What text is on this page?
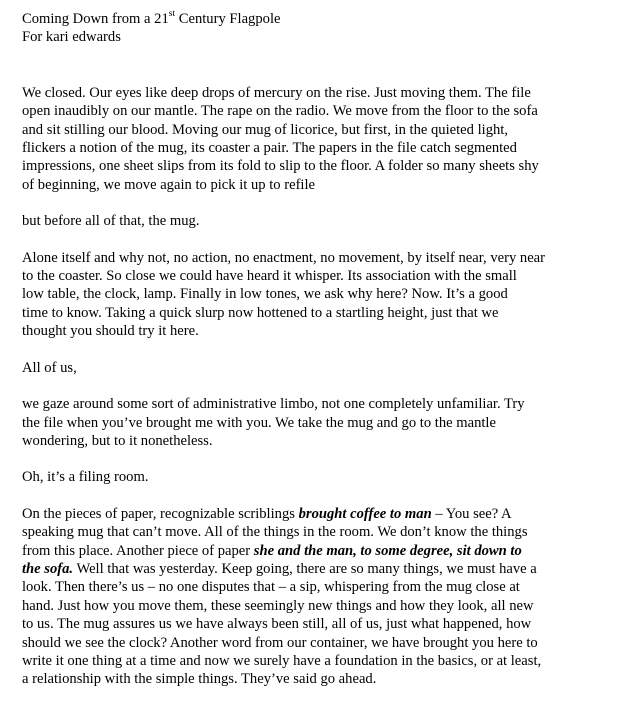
Coming Down from a 21st Century Flagpole

For kari edwards

We closed. Our eyes like deep drops of mercury on the rise. Just moving them. The file
open inaudibly on our mantle. The rape on the radio. We move from the floor to the sofa
and sit stilling our blood. Moving our mug of licorice, but first, in the quieted light,
flickers a notion of the mug, its coaster a pair. The papers in the file catch segmented
impressions, one sheet slips from its fold to slip to the floor. A folder so many sheets shy
of beginning, we move again to pick it up to refile

but before all of that, the mug.

Alone itself and why not, no action, no enactment, no movement, by itself near, very near
to the coaster. So close we could have heard it whisper. Its association with the small
low table, the clock, lamp. Finally in low tones, we ask why here? Now. It’s a good
time to know. Taking a quick slurp now hottened to a startling height, just that we
thought you should try it here.

All of us,

we gaze around some sort of administrative limbo, not one completely unfamiliar. Try
the file when you’ve brought me with you. We take the mug and go to the mantle
wondering, but to it nonetheless.

Oh, it’s a filing room.

On the pieces of paper, recognizable scriblings brought coffee to man – You see? A
speaking mug that can’t move. All of the things in the room. We don’t know the things
from this place. Another piece of paper she and the man, to some degree, sit down to
the sofa. Well that was yesterday. Keep going, there are so many things, we must have a
look. Then there’s us – no one disputes that – a sip, whispering from the mug close at
hand. Just how you move them, these seemingly new things and how they look, all new
to us. The mug assures us we have always been still, all of us, just what happened, how
should we see the clock? Another word from our container, we have brought you here to
write it one thing at a time and now we surely have a foundation in the basics, or at least,
a relationship with the simple things. They’ve said go ahead.
